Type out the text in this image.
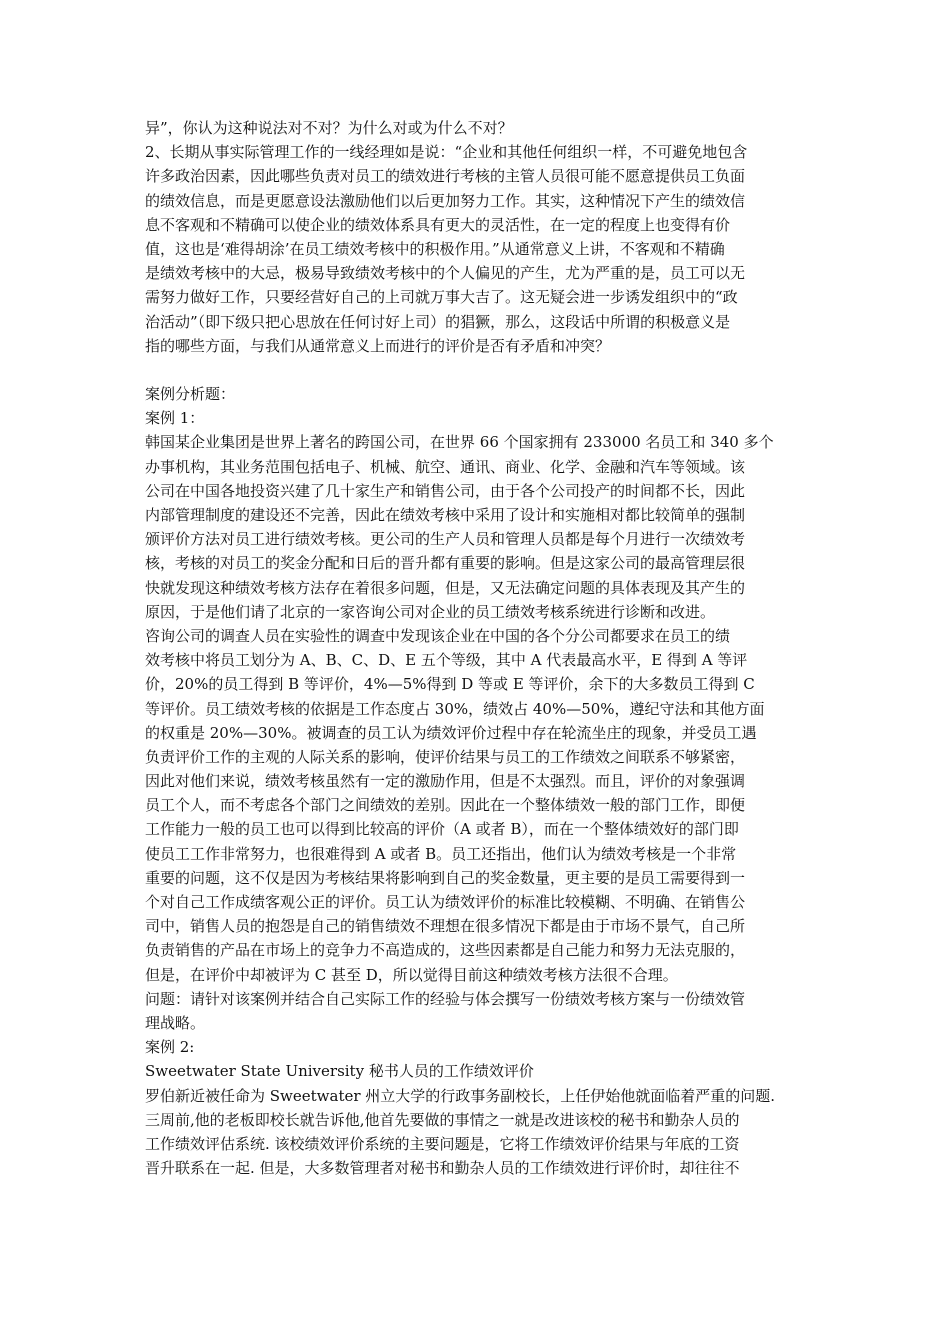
异”，你认为这种说法对不对？为什么对或为什么不对？
2、长期从事实际管理工作的一线经理如是说：“企业和其他任何组织一样，不可避免地包含
许多政治因素，因此哪些负责对员工的绩效进行考核的主管人员很可能不愿意提供员工负面
的绩效信息，而是更愿意设法激励他们以后更加努力工作。其实，这种情况下产生的绩效信
息不客观和不精确可以使企业的绩效体系具有更大的灵活性，在一定的程度上也变得有价
值，这也是‘难得胡涂’在员工绩效考核中的积极作用。”从通常意义上讲，不客观和不精确
是绩效考核中的大忌，极易导致绩效考核中的个人偏见的产生，尤为严重的是，员工可以无
需努力做好工作，只要经营好自己的上司就万事大吉了。这无疑会进一步诱发组织中的“政
治活动”（即下级只把心思放在任何讨好上司）的猖獗，那么，这段话中所谓的积极意义是
指的哪些方面，与我们从通常意义上而进行的评价是否有矛盾和冲突？
案例分析题：
案例 1：
韩国某企业集团是世界上著名的跨国公司，在世界 66 个国家拥有 233000 名员工和 340 多个
办事机构，其业务范围包括电子、机械、航空、通讯、商业、化学、金融和汽车等领域。该
公司在中国各地投资兴建了几十家生产和销售公司，由于各个公司投产的时间都不长，因此
内部管理制度的建设还不完善，因此在绩效考核中采用了设计和实施相对都比较简单的强制
颁评价方法对员工进行绩效考核。更公司的生产人员和管理人员都是每个月进行一次绩效考
核，考核的对员工的奖金分配和日后的晋升都有重要的影响。但是这家公司的最高管理层很
快就发现这种绩效考核方法存在着很多问题，但是，又无法确定问题的具体表现及其产生的
原因，于是他们请了北京的一家咨询公司对企业的员工绩效考核系统进行诊断和改进。
咨询公司的调查人员在实验性的调查中发现该企业在中国的各个分公司都要求在员工的绩
效考核中将员工划分为 A、B、C、D、E 五个等级，其中 A 代表最高水平，E 得到 A 等评
价，20%的员工得到 B 等评价，4%—5%得到 D 等或 E 等评价，余下的大多数员工得到 C
等评价。员工绩效考核的依据是工作态度占 30%，绩效占 40%—50%，遵纪守法和其他方面
的权重是 20%—30%。被调查的员工认为绩效评价过程中存在轮流坐庄的现象，并受员工遇
负责评价工作的主观的人际关系的影响，使评价结果与员工的工作绩效之间联系不够紧密，
因此对他们来说，绩效考核虽然有一定的激励作用，但是不太强烈。而且，评价的对象强调
员工个人，而不考虑各个部门之间绩效的差别。因此在一个整体绩效一般的部门工作，即便
工作能力一般的员工也可以得到比较高的评价（A 或者 B），而在一个整体绩效好的部门即
使员工工作非常努力，也很难得到 A 或者 B。员工还指出，他们认为绩效考核是一个非常
重要的问题，这不仅是因为考核结果将影响到自己的奖金数量，更主要的是员工需要得到一
个对自己工作成绩客观公正的评价。员工认为绩效评价的标准比较模糊、不明确、在销售公
司中，销售人员的抱怨是自己的销售绩效不理想在很多情况下都是由于市场不景气，自己所
负责销售的产品在市场上的竞争力不高造成的，这些因素都是自己能力和努力无法克服的，
但是，在评价中却被评为 C 甚至 D，所以觉得目前这种绩效考核方法很不合理。
问题：请针对该案例并结合自己实际工作的经验与体会撰写一份绩效考核方案与一份绩效管
理战略。
案例 2:
Sweetwater State University 秘书人员的工作绩效评价
罗伯新近被任命为 Sweetwater 州立大学的行政事务副校长，上任伊始他就面临着严重的问题.
三周前,他的老板即校长就告诉他,他首先要做的事情之一就是改进该校的秘书和勤杂人员的
工作绩效评估系统. 该校绩效评价系统的主要问题是，它将工作绩效评价结果与年底的工资
晋升联系在一起. 但是，大多数管理者对秘书和勤杂人员的工作绩效进行评价时，却往往不
